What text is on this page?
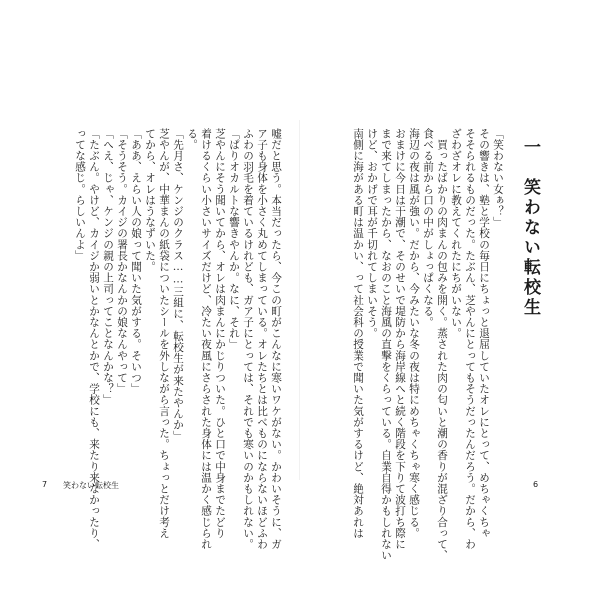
一　笑わない転校生
「笑わない女ぁ？」
その響きは、塾と学校の毎日にちょっと退屈していたオレにとって、めちゃくちゃ
そそられるものだった。たぶん、芝やんにとってもそうだったんだろう。だから、わ
ざわざオレに教えてくれたにちがいない。
　買ったばかりの肉まんの包みを開く。蒸された肉の匂いと潮の香りが混ざり合って、
食べる前から口の中がしょっぱくなる。
海辺の夜は風が強い。だから、今みたいな冬の夜は特にめちゃくちゃ寒く感じる。
おまけに今日は干潮で、そのせいで堤防から海岸線へと続く階段を下りて波打ち際に
まで来てしまったから、なおのこと海風の直撃をくらっている。自業自得かもしれない
けど、おかげで耳が千切れてしまいそう。
南側に海がある町は温かい、って社会科の授業で聞いた気がするけど、絶対あれは	6
嘘だと思う。本当だったら、今この町がこんなに寒いワケがない。かわいそうに、ガ
ア子も身体を小さく丸めてしまっている。オレたちとは比べものにならないほどふわ
ふわの羽毛を着ているけれども、ガア子にとっては、それでも寒いのかもしれない。
「ぱりオカルトな響きやんか。なに、それ」
芝やんにそう聞いてから、オレは肉まんにかじりついた。ひと口で中身までたどり
着けるくらい小さいサイズだけど、冷たい夜風にさらされた身体には温かく感じられ
る。
「先月さ、ケンジのクラス……三組に、転校生が来たやんか」
芝やんが、中華まんの紙袋についたシールを外しながら言った。ちょっとだけ考え
てから、オレはうなずいた。
「ああ、えらい人の娘って聞いた気がする。そいつ」
「そうそう。カイジの署長かなんかの娘なんやって」
「へえ、じゃ、ケンジの親の上司ってことなんかな？」
「たぶん。やけど、カイジか弱いとかなんとかで、学校にも、来たり来なかったり、
ってな感じ。らしいんよ」
7 笑わない転校生
